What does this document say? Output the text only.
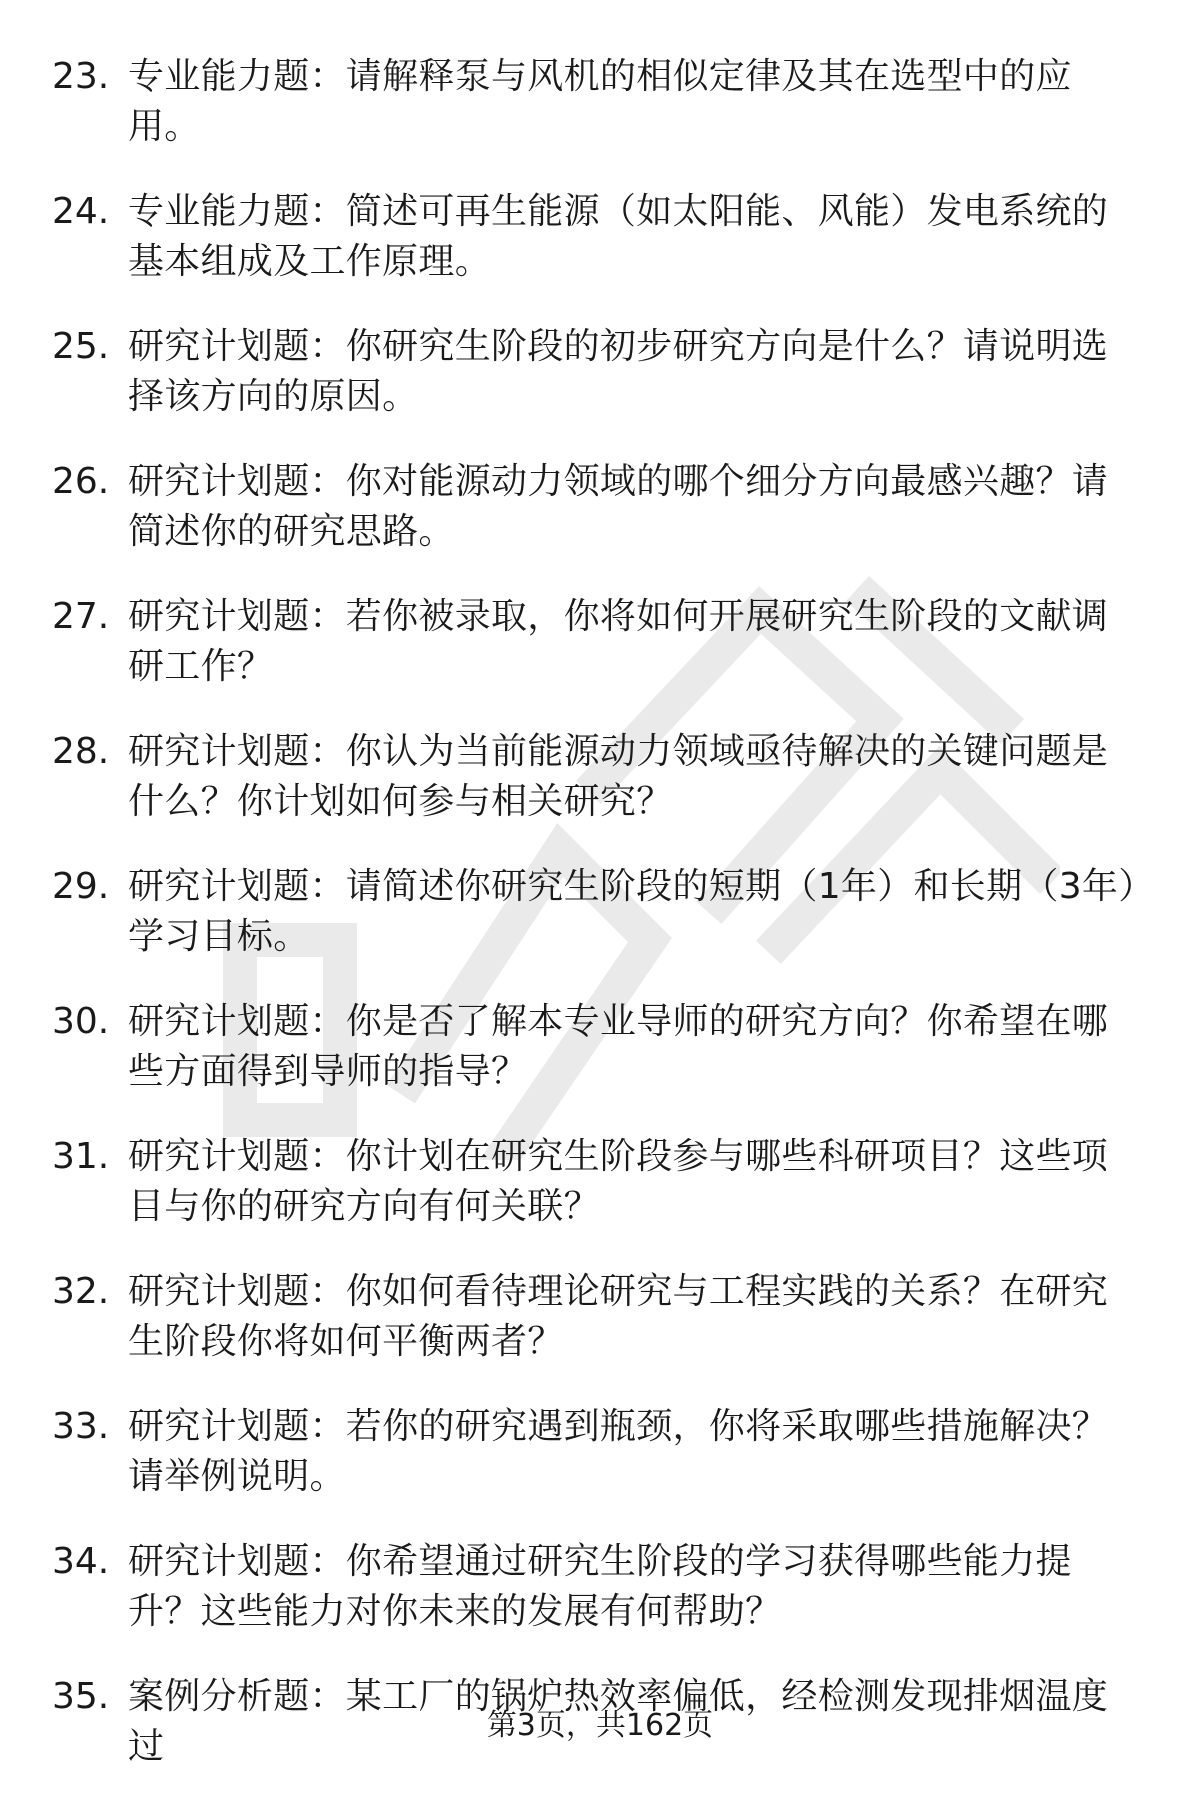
23. 专业能力题：请解释泵与风机的相似定律及其在选型中的应用。
24. 专业能力题：简述可再生能源（如太阳能、风能）发电系统的基本组成及工作原理。
25. 研究计划题：你研究生阶段的初步研究方向是什么？请说明选择该方向的原因。
26. 研究计划题：你对能源动力领域的哪个细分方向最感兴趣？请简述你的研究思路。
27. 研究计划题：若你被录取，你将如何开展研究生阶段的文献调研工作？
28. 研究计划题：你认为当前能源动力领域亟待解决的关键问题是什么？你计划如何参与相关研究？
29. 研究计划题：请简述你研究生阶段的短期（1年）和长期（3年）学习目标。
30. 研究计划题：你是否了解本专业导师的研究方向？你希望在哪些方面得到导师的指导？
31. 研究计划题：你计划在研究生阶段参与哪些科研项目？这些项目与你的研究方向有何关联？
32. 研究计划题：你如何看待理论研究与工程实践的关系？在研究生阶段你将如何平衡两者？
33. 研究计划题：若你的研究遇到瓶颈，你将采取哪些措施解决？请举例说明。
34. 研究计划题：你希望通过研究生阶段的学习获得哪些能力提升？这些能力对你未来的发展有何帮助？
35. 案例分析题：某工厂的锅炉热效率偏低，经检测发现排烟温度过
第3页，共162页
